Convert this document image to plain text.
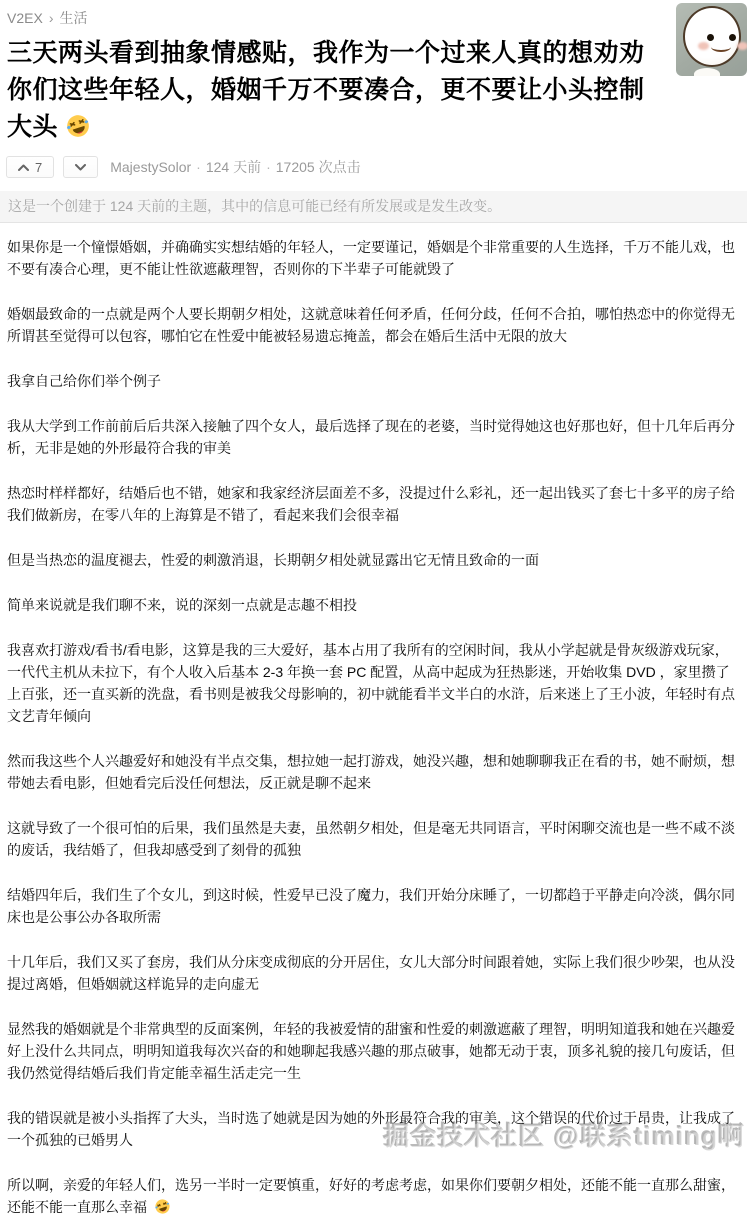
V2EX › 生活
三天两头看到抽象情感贴，我作为一个过来人真的想劝劝你们这些年轻人，婚姻千万不要凑合，更不要让小头控制大头
7	MajestySolor · 124 天前 · 17205 次点击
这是一个创建于 124 天前的主题，其中的信息可能已经有所发展或是发生改变。

如果你是一个憧憬婚姻，并确确实实想结婚的年轻人，一定要谨记，婚姻是个非常重要的人生选择，千万不能儿戏，也不要有凑合心理，更不能让性欲遮蔽理智，否则你的下半辈子可能就毁了

婚姻最致命的一点就是两个人要长期朝夕相处，这就意味着任何矛盾，任何分歧，任何不合拍，哪怕热恋中的你觉得无所谓甚至觉得可以包容，哪怕它在性爱中能被轻易遗忘掩盖，都会在婚后生活中无限的放大

我拿自己给你们举个例子

我从大学到工作前前后后共深入接触了四个女人，最后选择了现在的老婆，当时觉得她这也好那也好，但十几年后再分析，无非是她的外形最符合我的审美

热恋时样样都好，结婚后也不错，她家和我家经济层面差不多，没提过什么彩礼，还一起出钱买了套七十多平的房子给我们做新房，在零八年的上海算是不错了，看起来我们会很幸福

但是当热恋的温度褪去，性爱的刺激消退，长期朝夕相处就显露出它无情且致命的一面

简单来说就是我们聊不来，说的深刻一点就是志趣不相投

我喜欢打游戏/看书/看电影，这算是我的三大爱好，基本占用了我所有的空闲时间，我从小学起就是骨灰级游戏玩家，一代代主机从未拉下，有个人收入后基本 2-3 年换一套 PC 配置，从高中起成为狂热影迷，开始收集 DVD ，家里攒了上百张，还一直买新的洗盘，看书则是被我父母影响的，初中就能看半文半白的水浒，后来迷上了王小波，年轻时有点文艺青年倾向

然而我这些个人兴趣爱好和她没有半点交集，想拉她一起打游戏，她没兴趣，想和她聊聊我正在看的书，她不耐烦，想带她去看电影，但她看完后没任何想法，反正就是聊不起来

这就导致了一个很可怕的后果，我们虽然是夫妻，虽然朝夕相处，但是毫无共同语言，平时闲聊交流也是一些不咸不淡的废话，我结婚了，但我却感受到了刻骨的孤独

结婚四年后，我们生了个女儿，到这时候，性爱早已没了魔力，我们开始分床睡了，一切都趋于平静走向冷淡，偶尔同床也是公事公办各取所需

十几年后，我们又买了套房，我们从分床变成彻底的分开居住，女儿大部分时间跟着她，实际上我们很少吵架，也从没提过离婚，但婚姻就这样诡异的走向虚无

显然我的婚姻就是个非常典型的反面案例，年轻的我被爱情的甜蜜和性爱的刺激遮蔽了理智，明明知道我和她在兴趣爱好上没什么共同点，明明知道我每次兴奋的和她聊起我感兴趣的那点破事，她都无动于衷，顶多礼貌的接几句废话，但我仍然觉得结婚后我们肯定能幸福生活走完一生

我的错误就是被小头指挥了大头，当时选了她就是因为她的外形最符合我的审美，这个错误的代价过于昂贵，让我成了一个孤独的已婚男人

所以啊，亲爱的年轻人们，选另一半时一定要慎重，好好的考虑考虑，如果你们要朝夕相处，还能不能一直那么甜蜜，还能不能一直那么幸福

掘金技术社区 @联系timing啊
